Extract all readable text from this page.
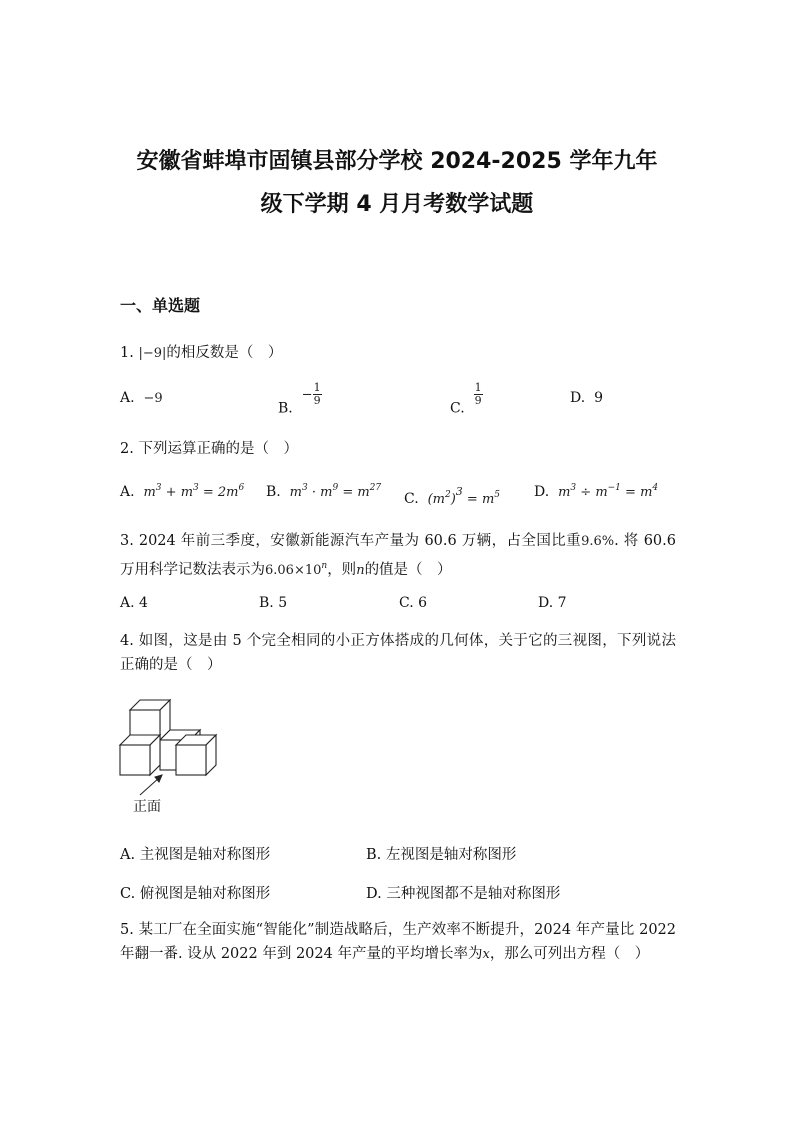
安徽省蚌埠市固镇县部分学校 2024-2025 学年九年
级下学期 4 月月考数学试题
一、单选题
1. |−9|的相反数是（　）
A. −9
B.  − $\frac{1}{9}$
C.
$\frac{1}{9}$	D. 9
2. 下列运算正确的是（　）
A. $m^3 + m^3 = 2m^6$ B. $m^3 \cdot m^9 = m^{27}$
C. $(m^2)^3 = m^5$ D. $m^3 \div m^{-1} = m^4$
3. 2024 年前三季度，安徽新能源汽车产量为 60.6 万辆，占全国比重9.6%. 将 60.6 万用科学记数法表示为$6.06\times 10^n$，则n的值是（　）
A. 4	B. 5	C. 6	D. 7
4. 如图，这是由 5 个完全相同的小正方体搭成的几何体，关于它的三视图，下列说法正确的是（　）
正面
A. 主视图是轴对称图形	B. 左视图是轴对称图形
C. 俯视图是轴对称图形	D. 三种视图都不是轴对称图形
5. 某工厂在全面实施“智能化”制造战略后，生产效率不断提升，2024 年产量比 2022 年翻一番. 设从 2022 年到 2024 年产量的平均增长率为x，那么可列出方程（　）
